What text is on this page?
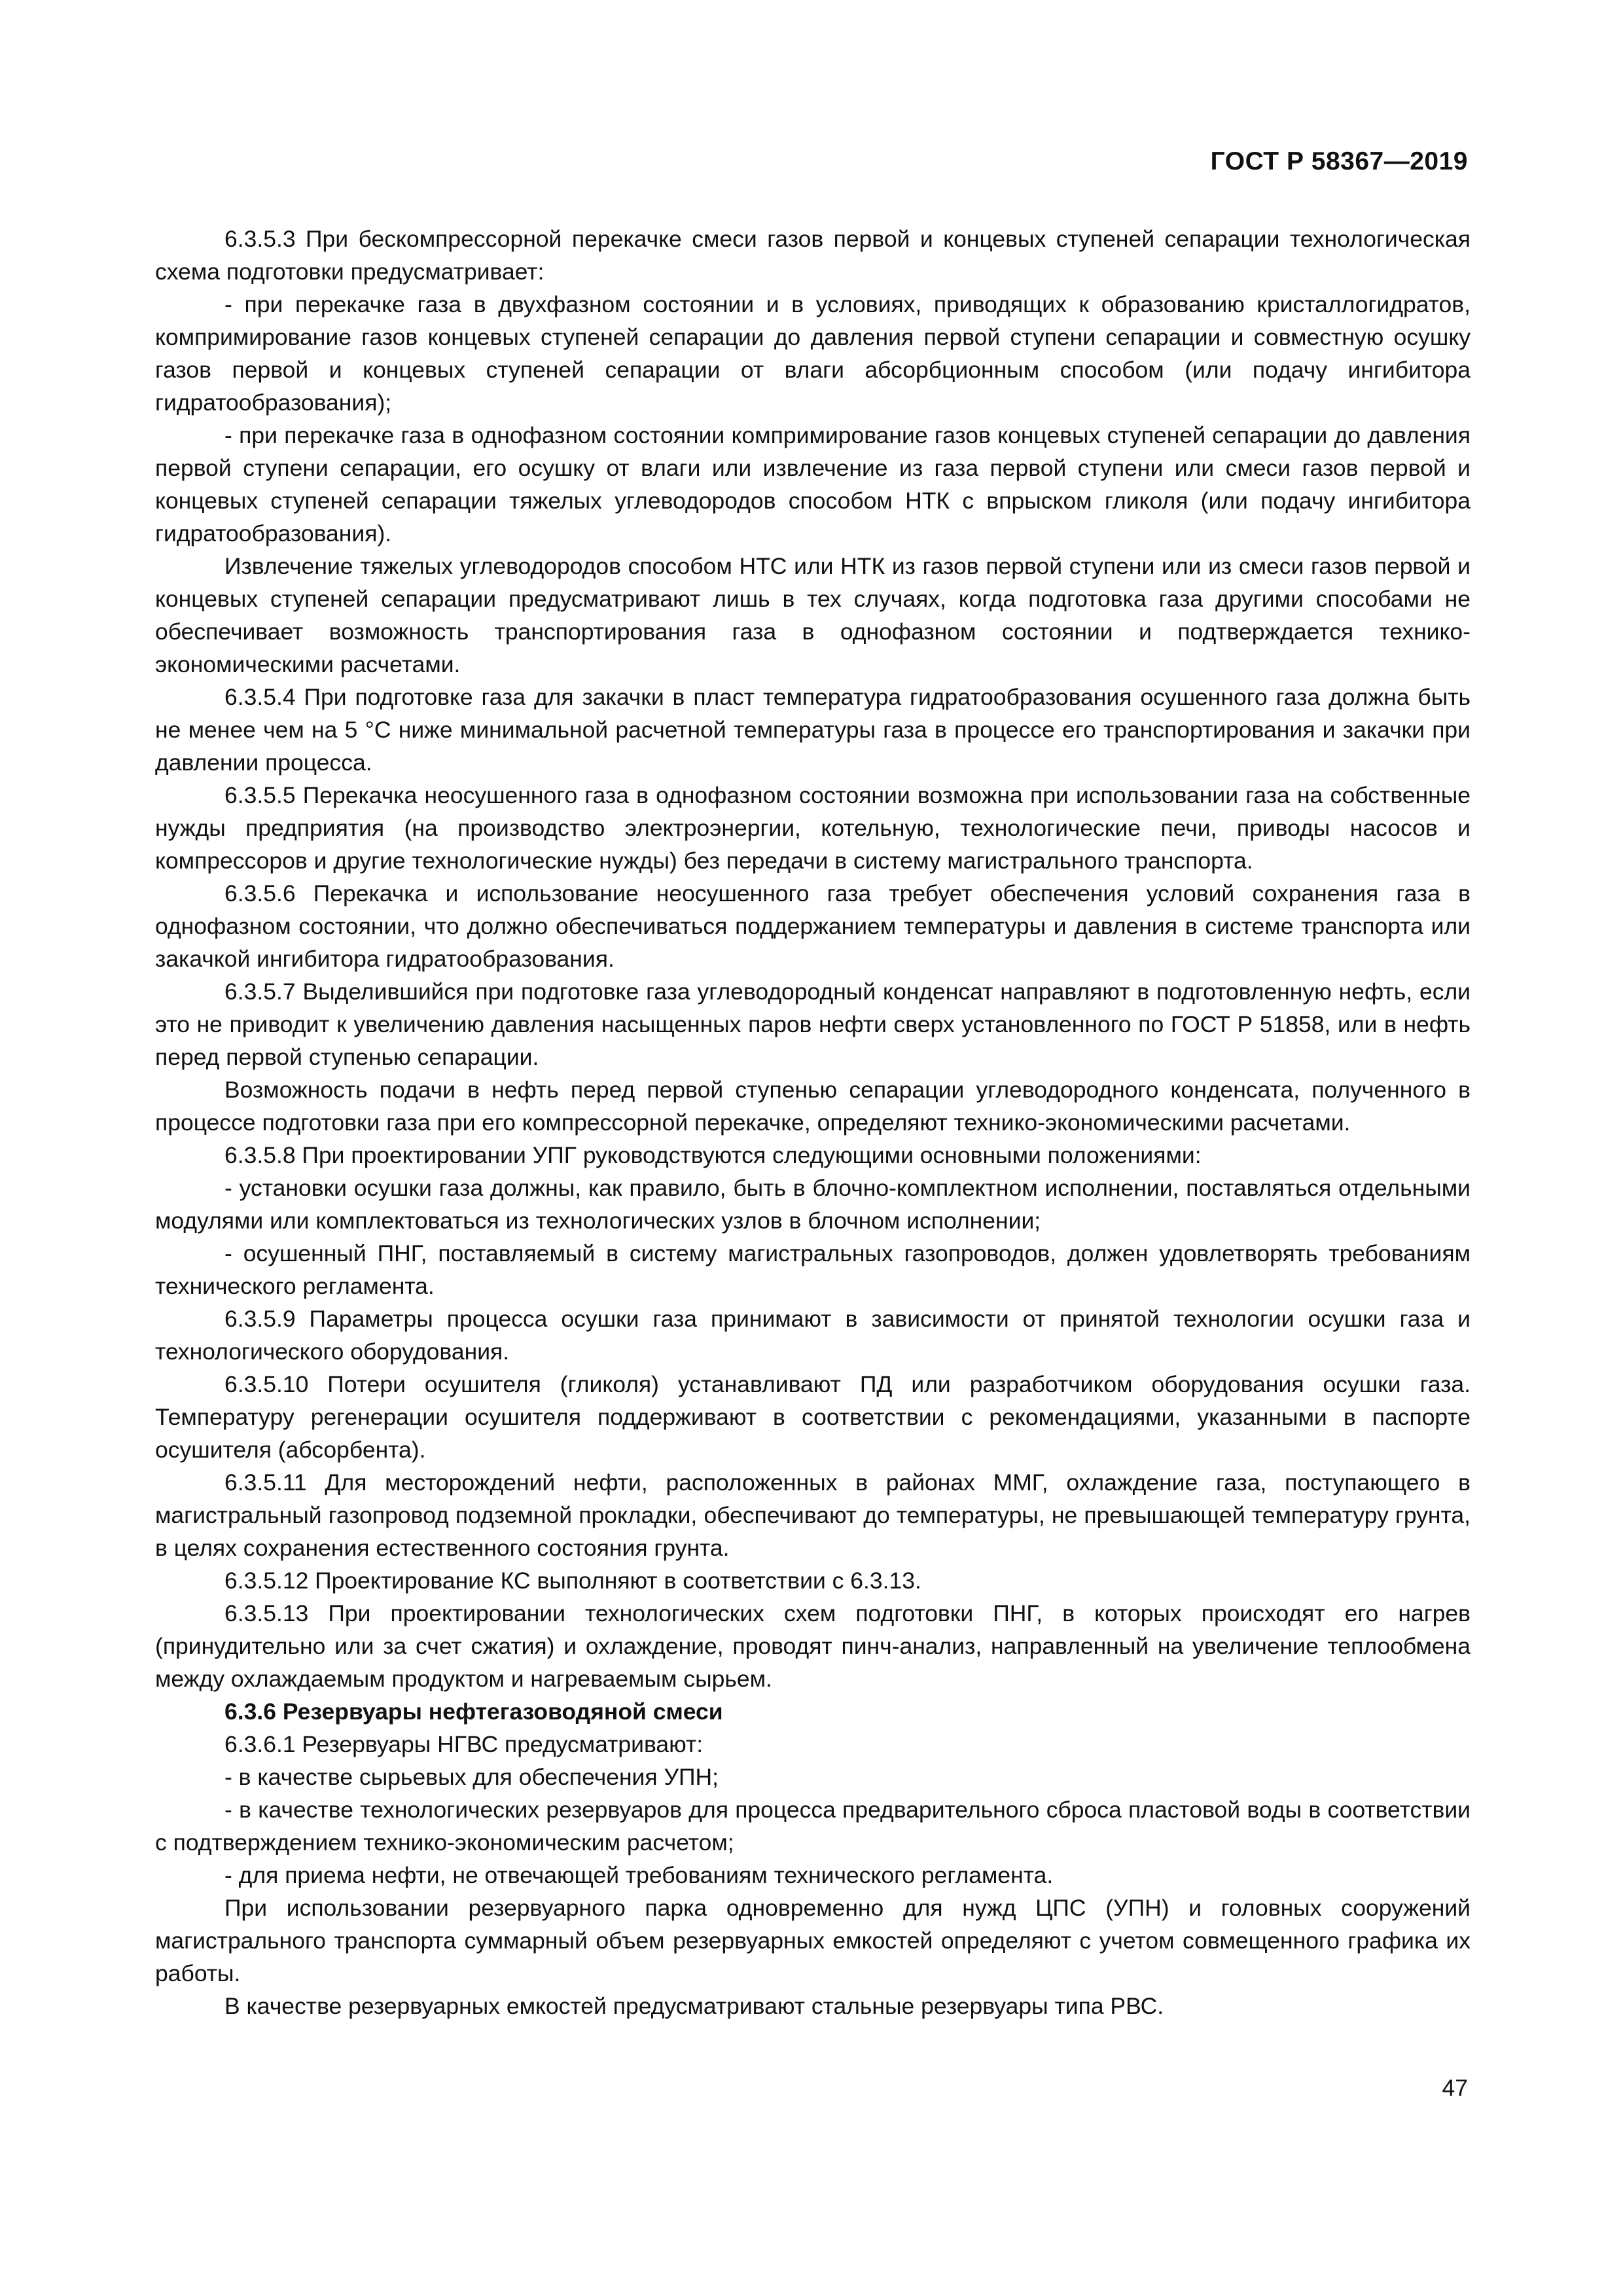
ГОСТ Р 58367—2019

6.3.5.3 При бескомпрессорной перекачке смеси газов первой и концевых ступеней сепарации технологическая схема подготовки предусматривает:

- при перекачке газа в двухфазном состоянии и в условиях, приводящих к образованию кристаллогидратов, компримирование газов концевых ступеней сепарации до давления первой ступени сепарации и совместную осушку газов первой и концевых ступеней сепарации от влаги абсорбционным способом (или подачу ингибитора гидратообразования);

- при перекачке газа в однофазном состоянии компримирование газов концевых ступеней сепарации до давления первой ступени сепарации, его осушку от влаги или извлечение из газа первой ступени или смеси газов первой и концевых ступеней сепарации тяжелых углеводородов способом НТК с впрыском гликоля (или подачу ингибитора гидратообразования).

Извлечение тяжелых углеводородов способом НТС или НТК из газов первой ступени или из смеси газов первой и концевых ступеней сепарации предусматривают лишь в тех случаях, когда подготовка газа другими способами не обеспечивает возможность транспортирования газа в однофазном состоянии и подтверждается технико-экономическими расчетами.

6.3.5.4 При подготовке газа для закачки в пласт температура гидратообразования осушенного газа должна быть не менее чем на 5 °С ниже минимальной расчетной температуры газа в процессе его транспортирования и закачки при давлении процесса.

6.3.5.5 Перекачка неосушенного газа в однофазном состоянии возможна при использовании газа на собственные нужды предприятия (на производство электроэнергии, котельную, технологические печи, приводы насосов и компрессоров и другие технологические нужды) без передачи в систему магистрального транспорта.

6.3.5.6 Перекачка и использование неосушенного газа требует обеспечения условий сохранения газа в однофазном состоянии, что должно обеспечиваться поддержанием температуры и давления в системе транспорта или закачкой ингибитора гидратообразования.

6.3.5.7 Выделившийся при подготовке газа углеводородный конденсат направляют в подготовленную нефть, если это не приводит к увеличению давления насыщенных паров нефти сверх установленного по ГОСТ Р 51858, или в нефть перед первой ступенью сепарации.

Возможность подачи в нефть перед первой ступенью сепарации углеводородного конденсата, полученного в процессе подготовки газа при его компрессорной перекачке, определяют технико-экономическими расчетами.

6.3.5.8 При проектировании УПГ руководствуются следующими основными положениями:

- установки осушки газа должны, как правило, быть в блочно-комплектном исполнении, поставляться отдельными модулями или комплектоваться из технологических узлов в блочном исполнении;

- осушенный ПНГ, поставляемый в систему магистральных газопроводов, должен удовлетворять требованиям технического регламента.

6.3.5.9 Параметры процесса осушки газа принимают в зависимости от принятой технологии осушки газа и технологического оборудования.

6.3.5.10 Потери осушителя (гликоля) устанавливают ПД или разработчиком оборудования осушки газа. Температуру регенерации осушителя поддерживают в соответствии с рекомендациями, указанными в паспорте осушителя (абсорбента).

6.3.5.11 Для месторождений нефти, расположенных в районах ММГ, охлаждение газа, поступающего в магистральный газопровод подземной прокладки, обеспечивают до температуры, не превышающей температуру грунта, в целях сохранения естественного состояния грунта.

6.3.5.12 Проектирование КС выполняют в соответствии с 6.3.13.

6.3.5.13 При проектировании технологических схем подготовки ПНГ, в которых происходят его нагрев (принудительно или за счет сжатия) и охлаждение, проводят пинч-анализ, направленный на увеличение теплообмена между охлаждаемым продуктом и нагреваемым сырьем.

6.3.6 Резервуары нефтегазоводяной смеси

6.3.6.1 Резервуары НГВС предусматривают:

- в качестве сырьевых для обеспечения УПН;

- в качестве технологических резервуаров для процесса предварительного сброса пластовой воды в соответствии с подтверждением технико-экономическим расчетом;

- для приема нефти, не отвечающей требованиям технического регламента.

При использовании резервуарного парка одновременно для нужд ЦПС (УПН) и головных сооружений магистрального транспорта суммарный объем резервуарных емкостей определяют с учетом совмещенного графика их работы.

В качестве резервуарных емкостей предусматривают стальные резервуары типа РВС.

47
